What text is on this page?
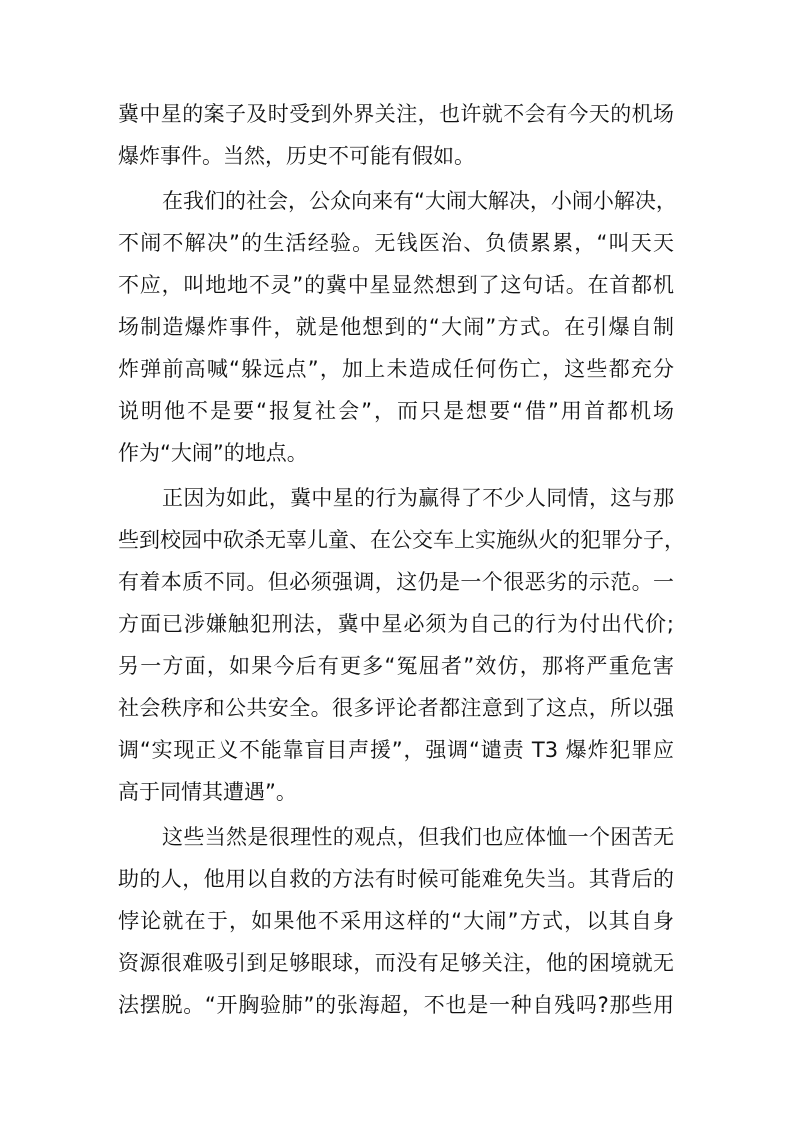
冀中星的案子及时受到外界关注，也许就不会有今天的机场
爆炸事件。当然，历史不可能有假如。
在我们的社会，公众向来有“大闹大解决，小闹小解决，
不闹不解决”的生活经验。无钱医治、负债累累，“叫天天
不应，叫地地不灵”的冀中星显然想到了这句话。在首都机
场制造爆炸事件，就是他想到的“大闹”方式。在引爆自制
炸弹前高喊“躲远点”，加上未造成任何伤亡，这些都充分
说明他不是要“报复社会”，而只是想要“借”用首都机场
作为“大闹”的地点。
正因为如此，冀中星的行为赢得了不少人同情，这与那
些到校园中砍杀无辜儿童、在公交车上实施纵火的犯罪分子，
有着本质不同。但必须强调，这仍是一个很恶劣的示范。一
方面已涉嫌触犯刑法，冀中星必须为自己的行为付出代价;
另一方面，如果今后有更多“冤屈者”效仿，那将严重危害
社会秩序和公共安全。很多评论者都注意到了这点，所以强
调“实现正义不能靠盲目声援”，强调“谴责 T3 爆炸犯罪应
高于同情其遭遇”。
这些当然是很理性的观点，但我们也应体恤一个困苦无
助的人，他用以自救的方法有时候可能难免失当。其背后的
悖论就在于，如果他不采用这样的“大闹”方式，以其自身
资源很难吸引到足够眼球，而没有足够关注，他的困境就无
法摆脱。“开胸验肺”的张海超，不也是一种自残吗?那些用
